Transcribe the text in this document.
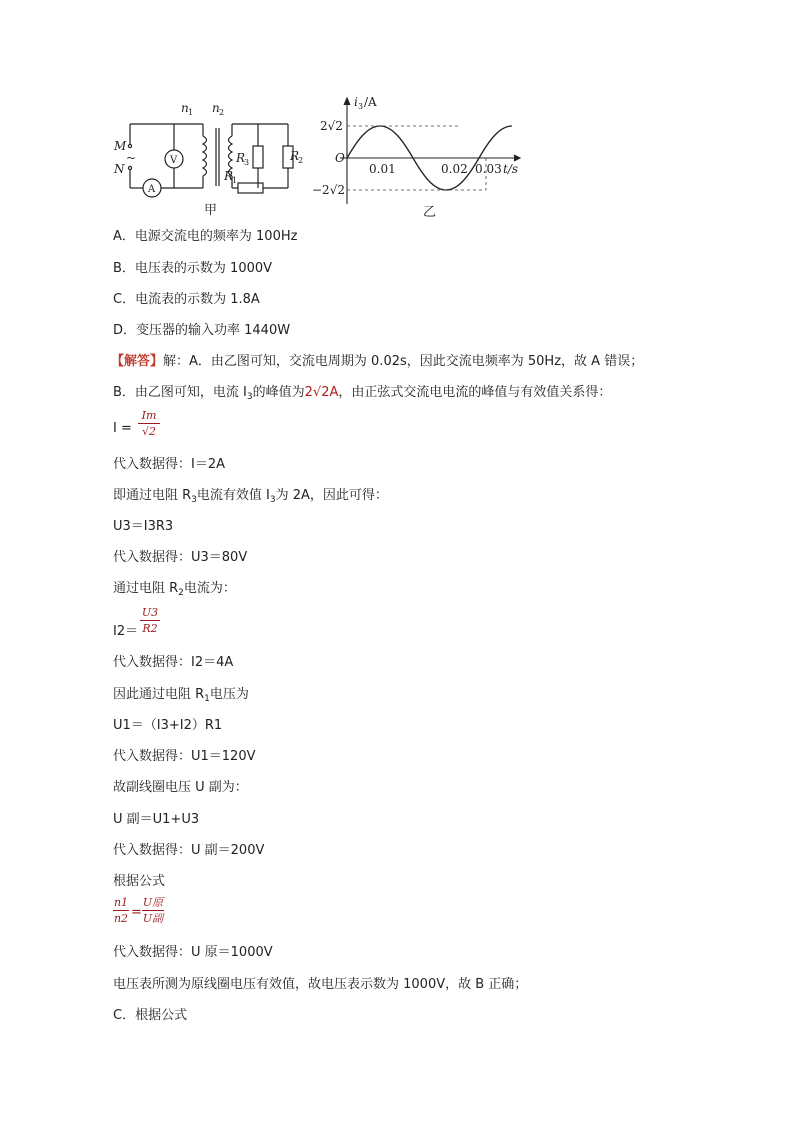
n 1 n 2
M
N
~	V
A
R
3	R
2
R
1
甲
i 3 /A
2√2
−2√2
O
0.01	0.02 0.03 t/s
乙
A．电源交流电的频率为 100Hz
B．电压表的示数为 1000V
C．电流表的示数为 1.8A
D．变压器的输入功率 1440W
【解答】解：A．由乙图可知，交流电周期为 0.02s，因此交流电频率为 50Hz，故 A 错误；
B．由乙图可知，电流 $I_3$的峰值为2√2A，由正弦式交流电电流的峰值与有效值关系得：
I =
Im
√2
代入数据得：I＝2A
即通过电阻 $R_3$电流有效值 $I_3$为 2A，因此可得：
U3＝I3R3
代入数据得：U3＝80V
通过电阻 $R_2$电流为：
I2＝
U3
R2
代入数据得：I2＝4A
因此通过电阻 $R_1$电压为
U1＝（I3+I2）R1
代入数据得：U1＝120V
故副线圈电压 U 副为：
U 副＝U1+U3
代入数据得：U 副＝200V
根据公式
n1
n2 =
U原
U副
代入数据得：U 原＝1000V
电压表所测为原线圈电压有效值，故电压表示数为 1000V，故 B 正确；
C．根据公式
